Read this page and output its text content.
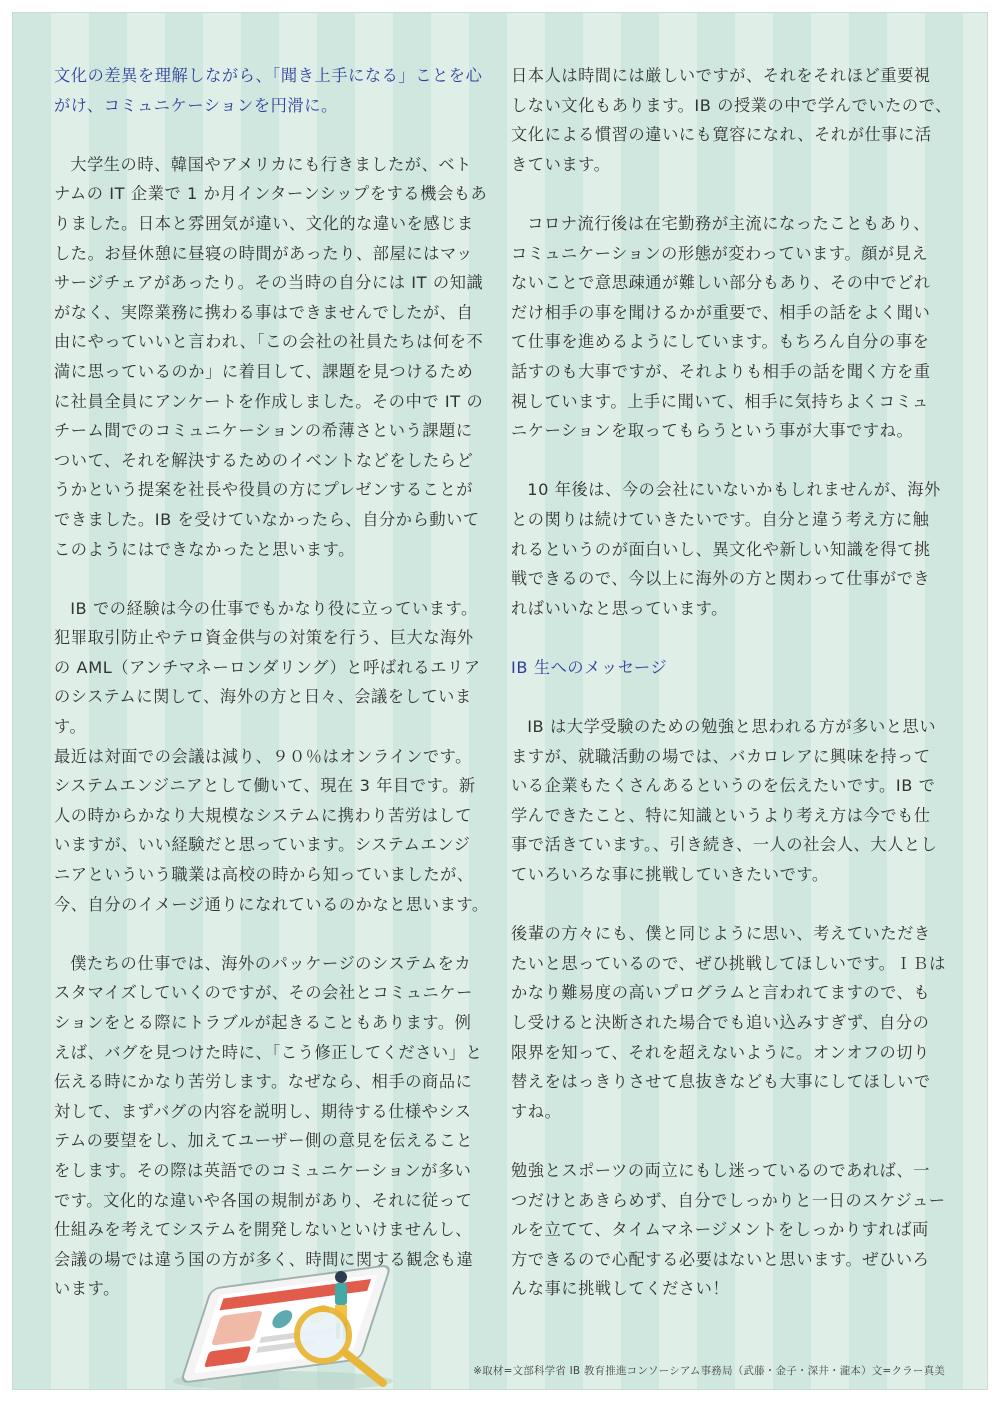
文化の差異を理解しながら、「聞き上手になる」ことを心
がけ、コミュニケーションを円滑に。

大学生の時、韓国やアメリカにも行きましたが、ベト
ナムの IT 企業で 1 か月インターンシップをする機会もあ
りました。日本と雰囲気が違い、文化的な違いを感じま
した。お昼休憩に昼寝の時間があったり、部屋にはマッ
サージチェアがあったり。その当時の自分には IT の知識
がなく、実際業務に携わる事はできませんでしたが、自
由にやっていいと言われ、「この会社の社員たちは何を不
満に思っているのか」に着目して、課題を見つけるため
に社員全員にアンケートを作成しました。その中で IT の
チーム間でのコミュニケーションの希薄さという課題に
ついて、それを解決するためのイベントなどをしたらど
うかという提案を社長や役員の方にプレゼンすることが
できました。IB を受けていなかったら、自分から動いて
このようにはできなかったと思います。

IB での経験は今の仕事でもかなり役に立っています。
犯罪取引防止やテロ資金供与の対策を行う、巨大な海外
の AML（アンチマネーロンダリング）と呼ばれるエリア
のシステムに関して、海外の方と日々、会議をしています。
最近は対面での会議は減り、９０％はオンラインです。
システムエンジニアとして働いて、現在 3 年目です。新
人の時からかなり大規模なシステムに携わり苦労はして
いますが、いい経験だと思っています。システムエンジ
ニアといういう職業は高校の時から知っていましたが、
今、自分のイメージ通りになれているのかなと思います。

僕たちの仕事では、海外のパッケージのシステムをカ
スタマイズしていくのですが、その会社とコミュニケー
ションをとる際にトラブルが起きることもあります。例
えば、バグを見つけた時に、「こう修正してください」と
伝える時にかなり苦労します。なぜなら、相手の商品に
対して、まずバグの内容を説明し、期待する仕様やシス
テムの要望をし、加えてユーザー側の意見を伝えること
をします。その際は英語でのコミュニケーションが多い
です。文化的な違いや各国の規制があり、それに従って
仕組みを考えてシステムを開発しないといけませんし、
会議の場では違う国の方が多く、時間に関する観念も違
います。

日本人は時間には厳しいですが、それをそれほど重要視
しない文化もあります。IB の授業の中で学んでいたので、
文化による慣習の違いにも寛容になれ、それが仕事に活
きています。

コロナ流行後は在宅勤務が主流になったこともあり、
コミュニケーションの形態が変わっています。顔が見え
ないことで意思疎通が難しい部分もあり、その中でどれ
だけ相手の事を聞けるかが重要で、相手の話をよく聞い
て仕事を進めるようにしています。もちろん自分の事を
話すのも大事ですが、それよりも相手の話を聞く方を重
視しています。上手に聞いて、相手に気持ちよくコミュ
ニケーションを取ってもらうという事が大事ですね。

10 年後は、今の会社にいないかもしれませんが、海外
との関りは続けていきたいです。自分と違う考え方に触
れるというのが面白いし、異文化や新しい知識を得て挑
戦できるので、今以上に海外の方と関わって仕事ができ
ればいいなと思っています。

IB 生へのメッセージ

IB は大学受験のための勉強と思われる方が多いと思い
ますが、就職活動の場では、バカロレアに興味を持って
いる企業もたくさんあるというのを伝えたいです。IB で
学んできたこと、特に知識というより考え方は今でも仕
事で活きています。、引き続き、一人の社会人、大人とし
ていろいろな事に挑戦していきたいです。

後輩の方々にも、僕と同じように思い、考えていただき
たいと思っているので、ぜひ挑戦してほしいです。ＩＢは
かなり難易度の高いプログラムと言われてますので、も
し受けると決断された場合でも追い込みすぎず、自分の
限界を知って、それを超えないように。オンオフの切り
替えをはっきりさせて息抜きなども大事にしてほしいで
すね。

勉強とスポーツの両立にもし迷っているのであれば、一
つだけとあきらめず、自分でしっかりと一日のスケジュー
ルを立てて、タイムマネージメントをしっかりすれば両
方できるので心配する必要はないと思います。ぜひいろ
んな事に挑戦してください！

※取材=文部科学省 IB 教育推進コンソーシアム事務局（武藤・金子・深井・瀧本）文=クラー真美
